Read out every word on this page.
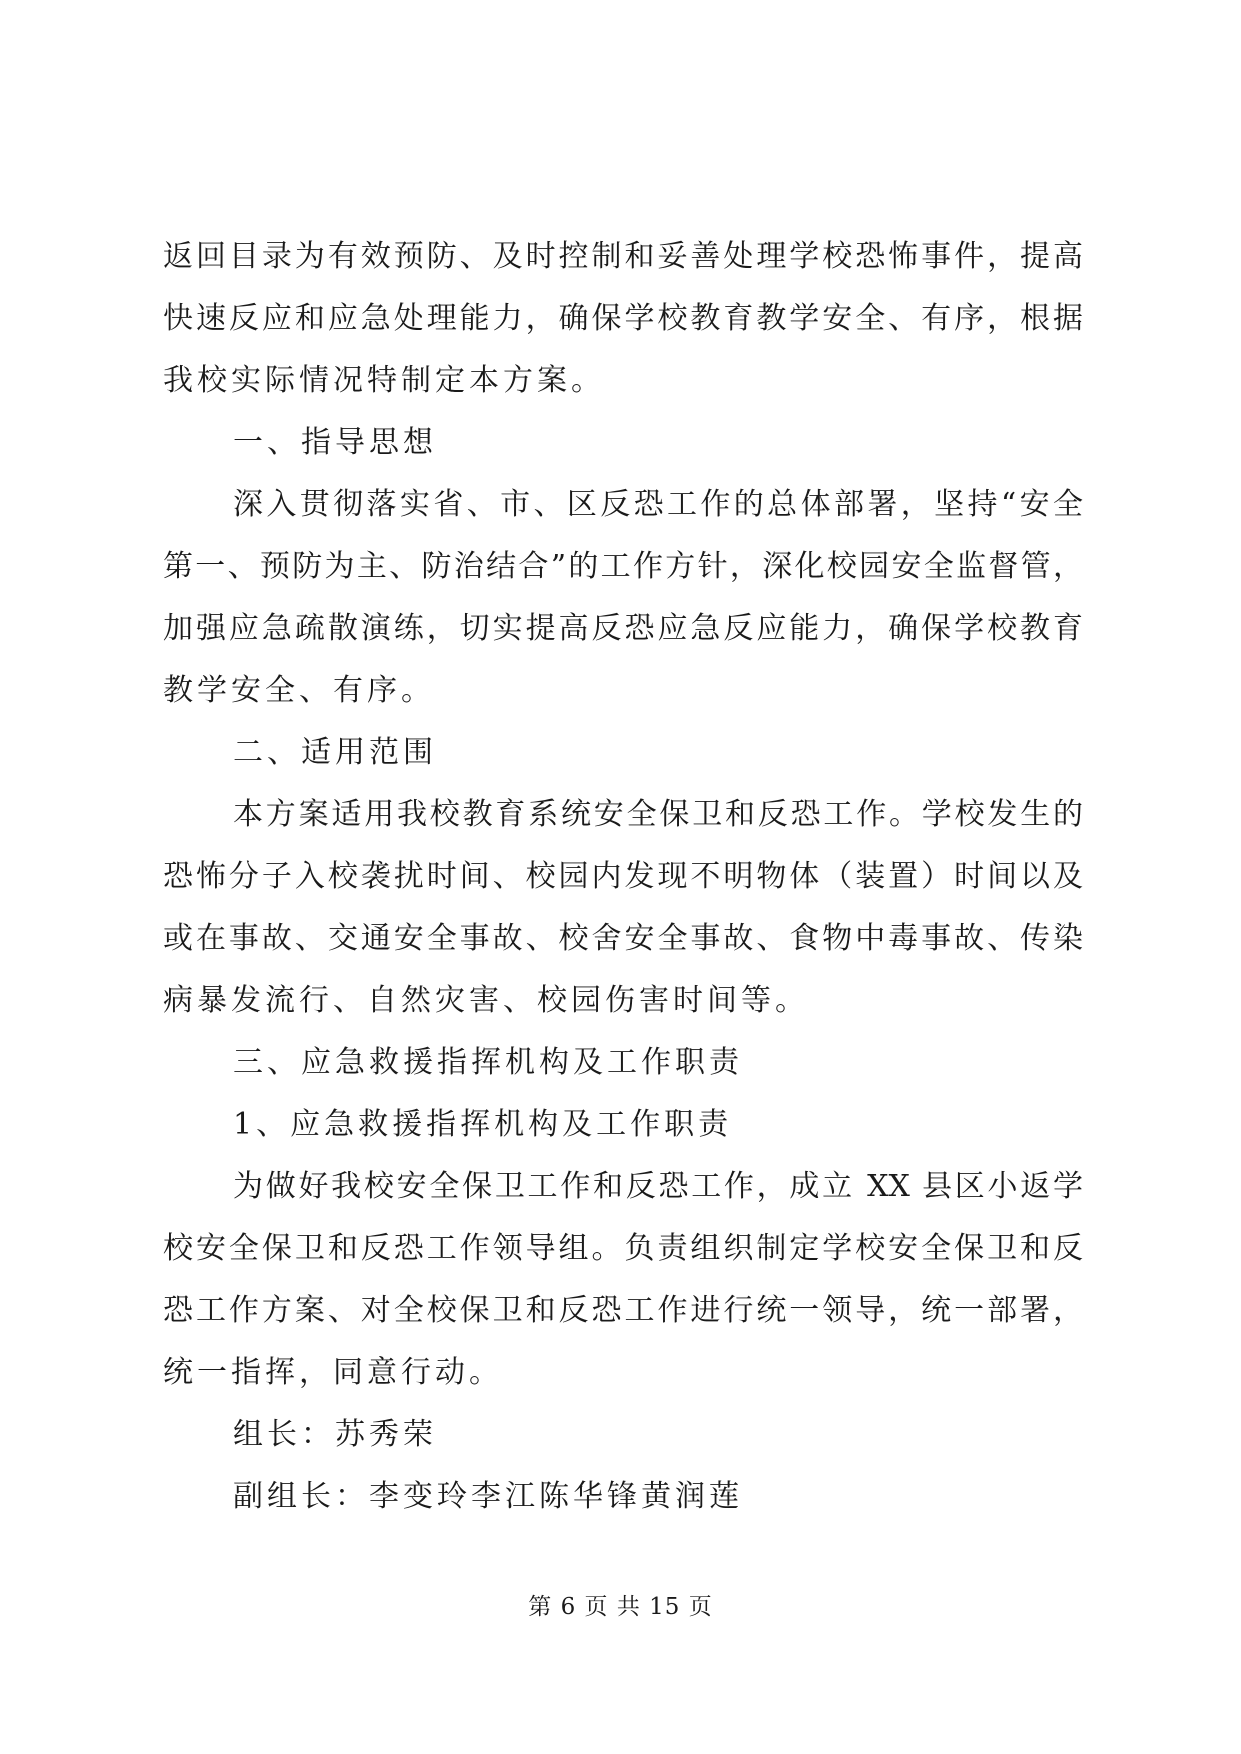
返回目录为有效预防、及时控制和妥善处理学校恐怖事件，提高
快速反应和应急处理能力，确保学校教育教学安全、有序，根据
我校实际情况特制定本方案。
一、指导思想
深入贯彻落实省、市、区反恐工作的总体部署，坚持“安全
第一、预防为主、防治结合”的工作方针，深化校园安全监督管，
加强应急疏散演练，切实提高反恐应急反应能力，确保学校教育
教学安全、有序。
二、适用范围
本方案适用我校教育系统安全保卫和反恐工作。学校发生的
恐怖分子入校袭扰时间、校园内发现不明物体（装置）时间以及
或在事故、交通安全事故、校舍安全事故、食物中毒事故、传染
病暴发流行、自然灾害、校园伤害时间等。
三、应急救援指挥机构及工作职责
1、应急救援指挥机构及工作职责
为做好我校安全保卫工作和反恐工作，成立 XX 县区小返学
校安全保卫和反恐工作领导组。负责组织制定学校安全保卫和反
恐工作方案、对全校保卫和反恐工作进行统一领导，统一部署，
统一指挥，同意行动。
组长：苏秀荣
副组长：李变玲李江陈华锋黄润莲
第 6 页 共 15 页
